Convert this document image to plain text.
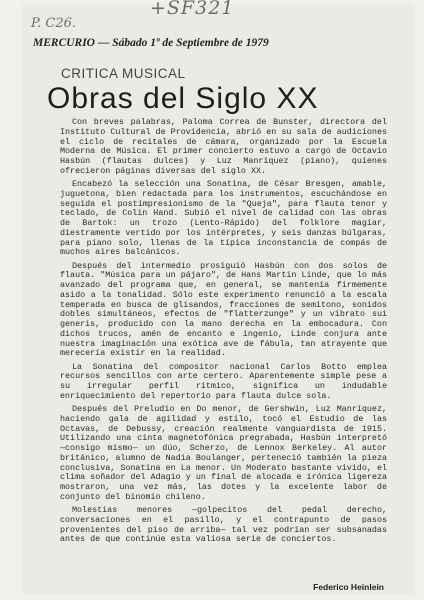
+SF321
P. C26.
MERCURIO — Sábado 1º de Septiembre de 1979
CRITICA MUSICAL
Obras del Siglo XX

Con breves palabras, Paloma Correa de Bunster, directora del Instituto Cultural de Providencia, abrió en su sala de audiciones el ciclo de recitales de cámara, organizado por la Escuela Moderna de Música. El primer concierto estuvo a cargo de Octavio Hasbún (flautas dulces) y Luz Manríquez (piano), quienes ofrecieron páginas diversas del siglo XX.

Encabezó la selección una Sonatina, de César Bresgen, amable, juguetona, bien redactada para los instrumentos, escuchándose en seguida el postimpresionismo de la "Queja", para flauta tenor y teclado, de Colin Hand. Subió el nivel de calidad con las obras de Bartok: un trozo (Lento-Rápido) del folklore magiar, diestramente vertido por los intérpretes, y seis danzas búlgaras, para piano solo, llenas de la típica inconstancia de compás de muchos aires balcánicos.

Después del intermedio prosiguió Hasbún con dos solos de flauta. "Música para un pájaro", de Hans Martin Linde, que lo más avanzado del programa que, en general, se mantenía firmemente asido a la tonalidad. Sólo este experimento renunció a la escala temperada en busca de glisandos, fracciones de semitono, sonidos dobles simultáneos, efectos de "flatterzunge" y un vibrato sui generis, producido con la mano derecha en la embocadura. Con dichos trucos, amén de encanto e ingenio, Linde conjura ante nuestra imaginación una exótica ave de fábula, tan atrayente que merecería existir en la realidad.

La Sonatina del compositor nacional Carlos Botto emplea recursos sencillos con arte certero. Aparentemente simple pese a su irregular perfil rítmico, significa un indudable enriquecimiento del repertorio para flauta dulce sola.

Después del Preludio en Do menor, de Gershwin, Luz Manríquez, haciendo gala de agilidad y estilo, tocó el Estudio de las Octavas, de Debussy, creación realmente vanguardista de 1915. Utilizando una cinta magnetofónica pregrabada, Hasbún interpretó —consigo mismo— un dúo, Scherzo, de Lennox Berkeley. Al autor británico, alumno de Nadia Boulanger, perteneció también la pieza conclusiva, Sonatina en La menor. Un Moderato bastante vivido, el clima soñador del Adagio y un final de alocada e irónica ligereza mostraron, una vez más, las dotes y la excelente labor de conjunto del binomio chileno.

Molestias menores —golpecitos del pedal derecho, conversaciones en el pasillo, y el contrapunto de pasos provenientes del piso de arriba— tal vez podrían ser subsanadas antes de que continúe esta valiosa serie de conciertos.

Federico Heinlein
